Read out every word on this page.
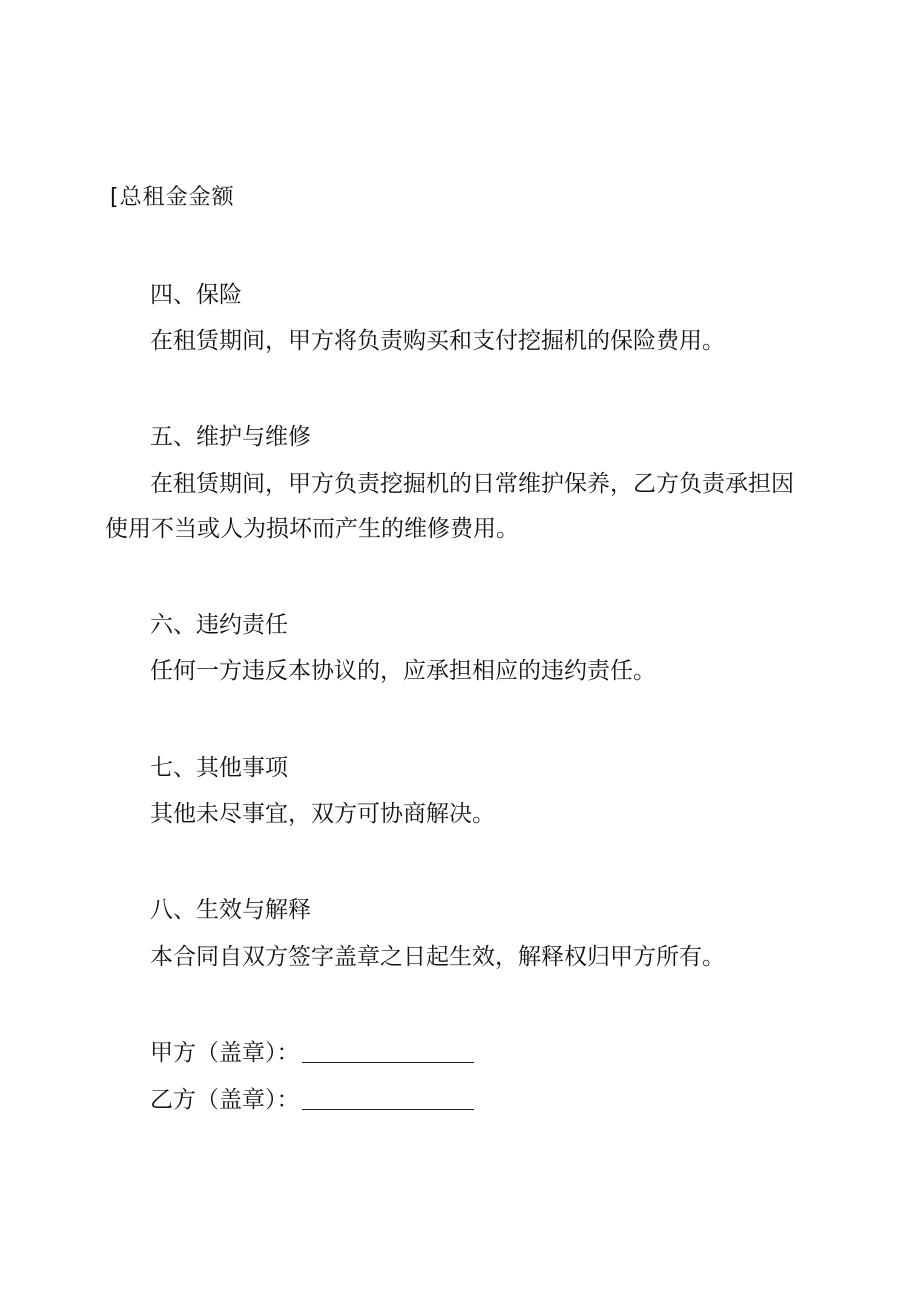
[总租金金额
四、保险
在租赁期间，甲方将负责购买和支付挖掘机的保险费用。
五、维护与维修
在租赁期间，甲方负责挖掘机的日常维护保养，乙方负责承担因
使用不当或人为损坏而产生的维修费用。
六、违约责任
任何一方违反本协议的，应承担相应的违约责任。
七、其他事项
其他未尽事宜，双方可协商解决。
八、生效与解释
本合同自双方签字盖章之日起生效，解释权归甲方所有。
甲方（盖章）：
乙方（盖章）：
